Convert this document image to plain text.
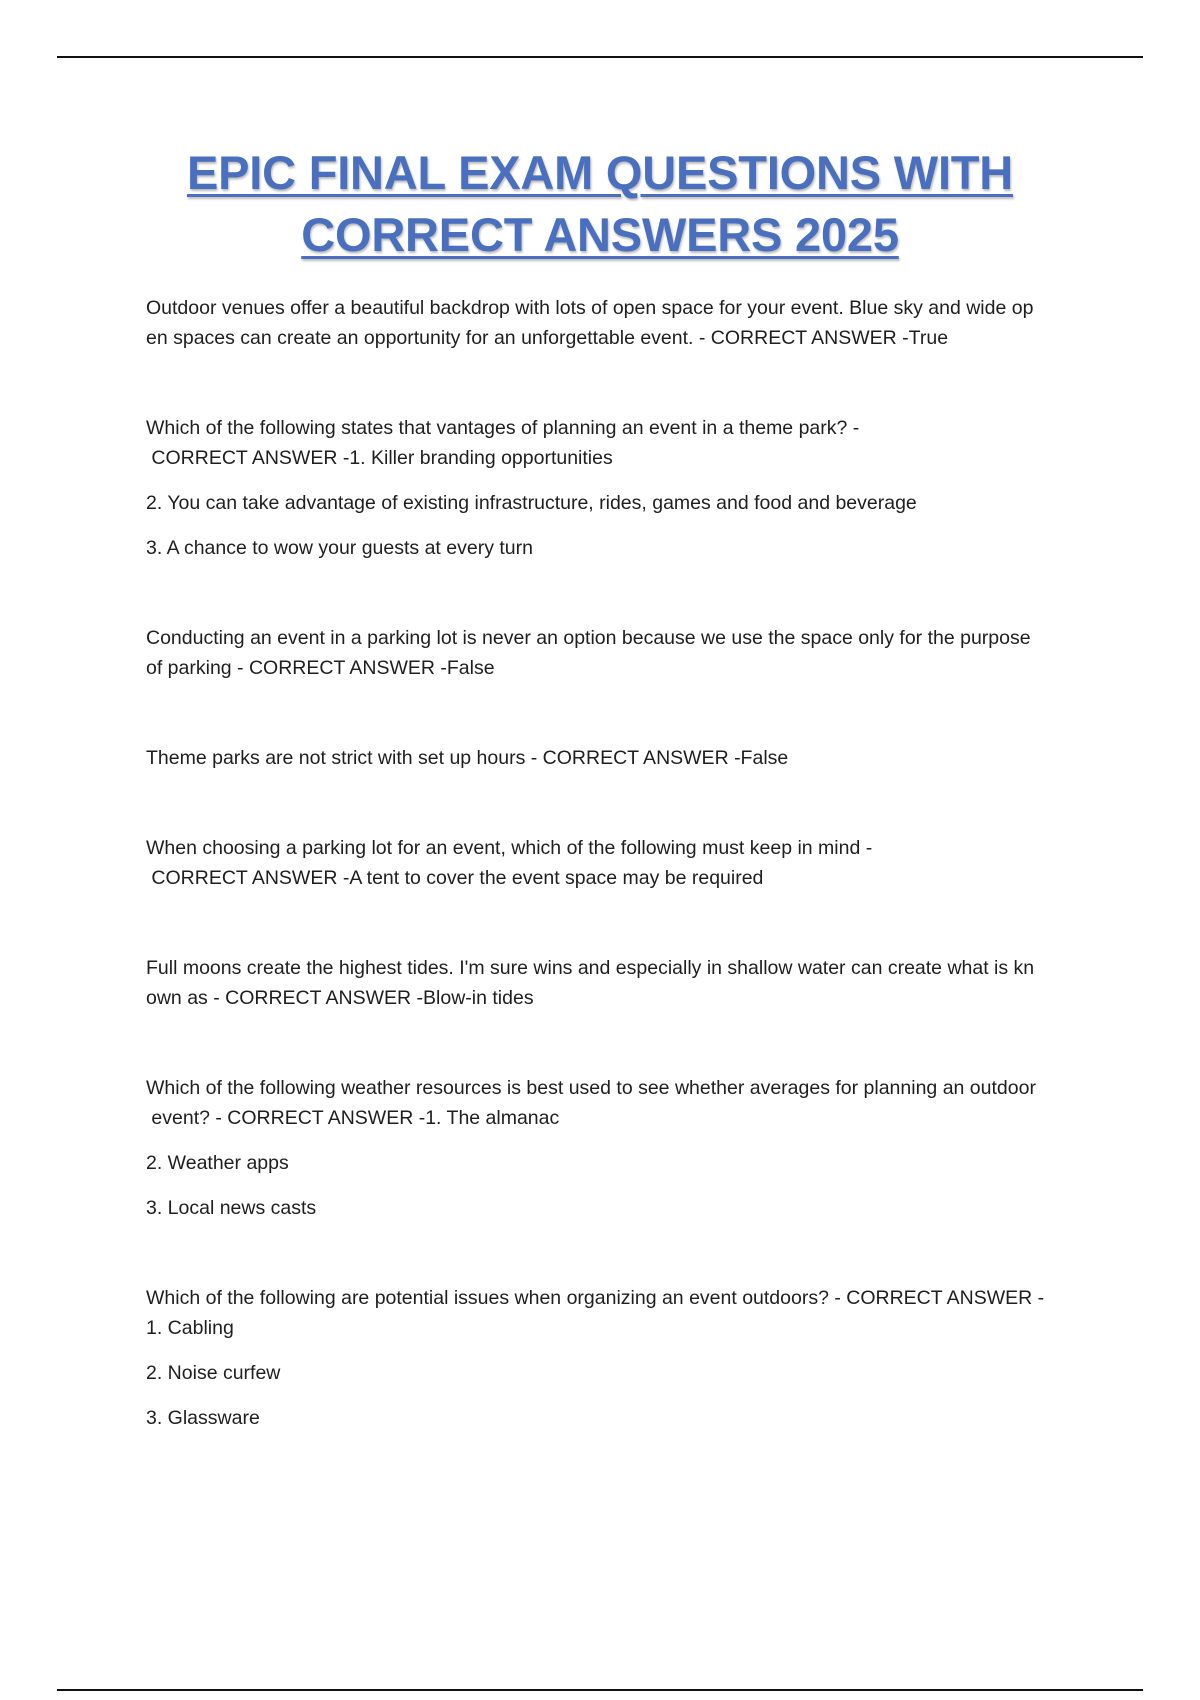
EPIC FINAL EXAM QUESTIONS WITH
CORRECT ANSWERS 2025

Outdoor venues offer a beautiful backdrop with lots of open space for your event. Blue sky and wide op
en spaces can create an opportunity for an unforgettable event. - CORRECT ANSWER -True

Which of the following states that vantages of planning an event in a theme park? -
CORRECT ANSWER -1. Killer branding opportunities

2. You can take advantage of existing infrastructure, rides, games and food and beverage

3. A chance to wow your guests at every turn

Conducting an event in a parking lot is never an option because we use the space only for the purpose
of parking - CORRECT ANSWER -False

Theme parks are not strict with set up hours - CORRECT ANSWER -False

When choosing a parking lot for an event, which of the following must keep in mind -
CORRECT ANSWER -A tent to cover the event space may be required

Full moons create the highest tides. I'm sure wins and especially in shallow water can create what is kn
own as - CORRECT ANSWER -Blow-in tides

Which of the following weather resources is best used to see whether averages for planning an outdoor
event? - CORRECT ANSWER -1. The almanac

2. Weather apps

3. Local news casts

Which of the following are potential issues when organizing an event outdoors? - CORRECT ANSWER -
1. Cabling

2. Noise curfew

3. Glassware
